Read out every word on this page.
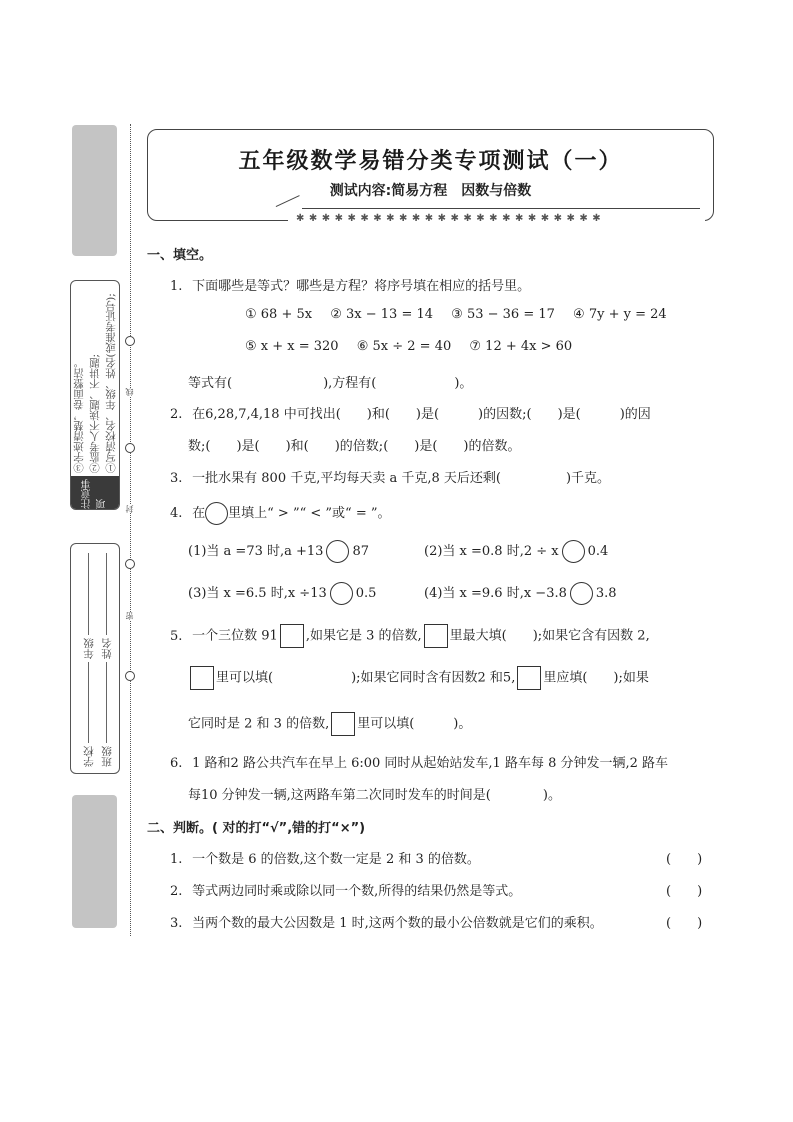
①写清校名、年级、姓名(或准考证号);
②监考人不读题、不讲题;
③字迹清楚，卷面整洁。
注意事项
年级
学校
姓名
班级
线
封
密
五年级数学易错分类专项测试（一）
测试内容:简易方程　因数与倍数
✱✱✱✱✱✱✱✱✱✱✱✱✱✱✱✱✱✱✱✱✱✱✱✱
一、填空。
1. 下面哪些是等式？哪些是方程？将序号填在相应的括号里。
① 68 + 5x ② 3x − 13 = 14 ③ 53 − 36 = 17 ④ 7y + y = 24
⑤ x + x = 320 ⑥ 5x ÷ 2 = 40 ⑦ 12 + 4x > 60
等式有(　　　　　　　),方程有(　　　　　　)。
2. 在6,28,7,4,18 中可找出(　　)和(　　)是(　　　)的因数;(　　)是(　　　)的因
数;(　　)是(　　)和(　　)的倍数;(　　)是(　　)的倍数。
3. 一批水果有 800 千克,平均每天卖 a 千克,8 天后还剩(　　　　　)千克。
4. 在 里填上“ > ”“ < ”或“ = ”。
(1)当 a =73 时,a +13 87	(2)当 x =0.8 时,2 ÷ x 0.4
(3)当 x =6.5 时,x ÷13 0.5	(4)当 x =9.6 时,x −3.8 3.8
5. 一个三位数 91 ,如果它是 3 的倍数, 里最大填(　　);如果它含有因数 2,
里可以填(　　　　　　);如果它同时含有因数2 和5, 里应填(　　);如果
它同时是 2 和 3 的倍数, 里可以填(　　　)。
6. 1 路和2 路公共汽车在早上 6:00 同时从起始站发车,1 路车每 8 分钟发一辆,2 路车
每10 分钟发一辆,这两路车第二次同时发车的时间是(　　　　)。
二、判断。( 对的打“√”,错的打“×”)
1. 一个数是 6 的倍数,这个数一定是 2 和 3 的倍数。	(　　)
2. 等式两边同时乘或除以同一个数,所得的结果仍然是等式。	(　　)
3. 当两个数的最大公因数是 1 时,这两个数的最小公倍数就是它们的乘积。	(　　)
